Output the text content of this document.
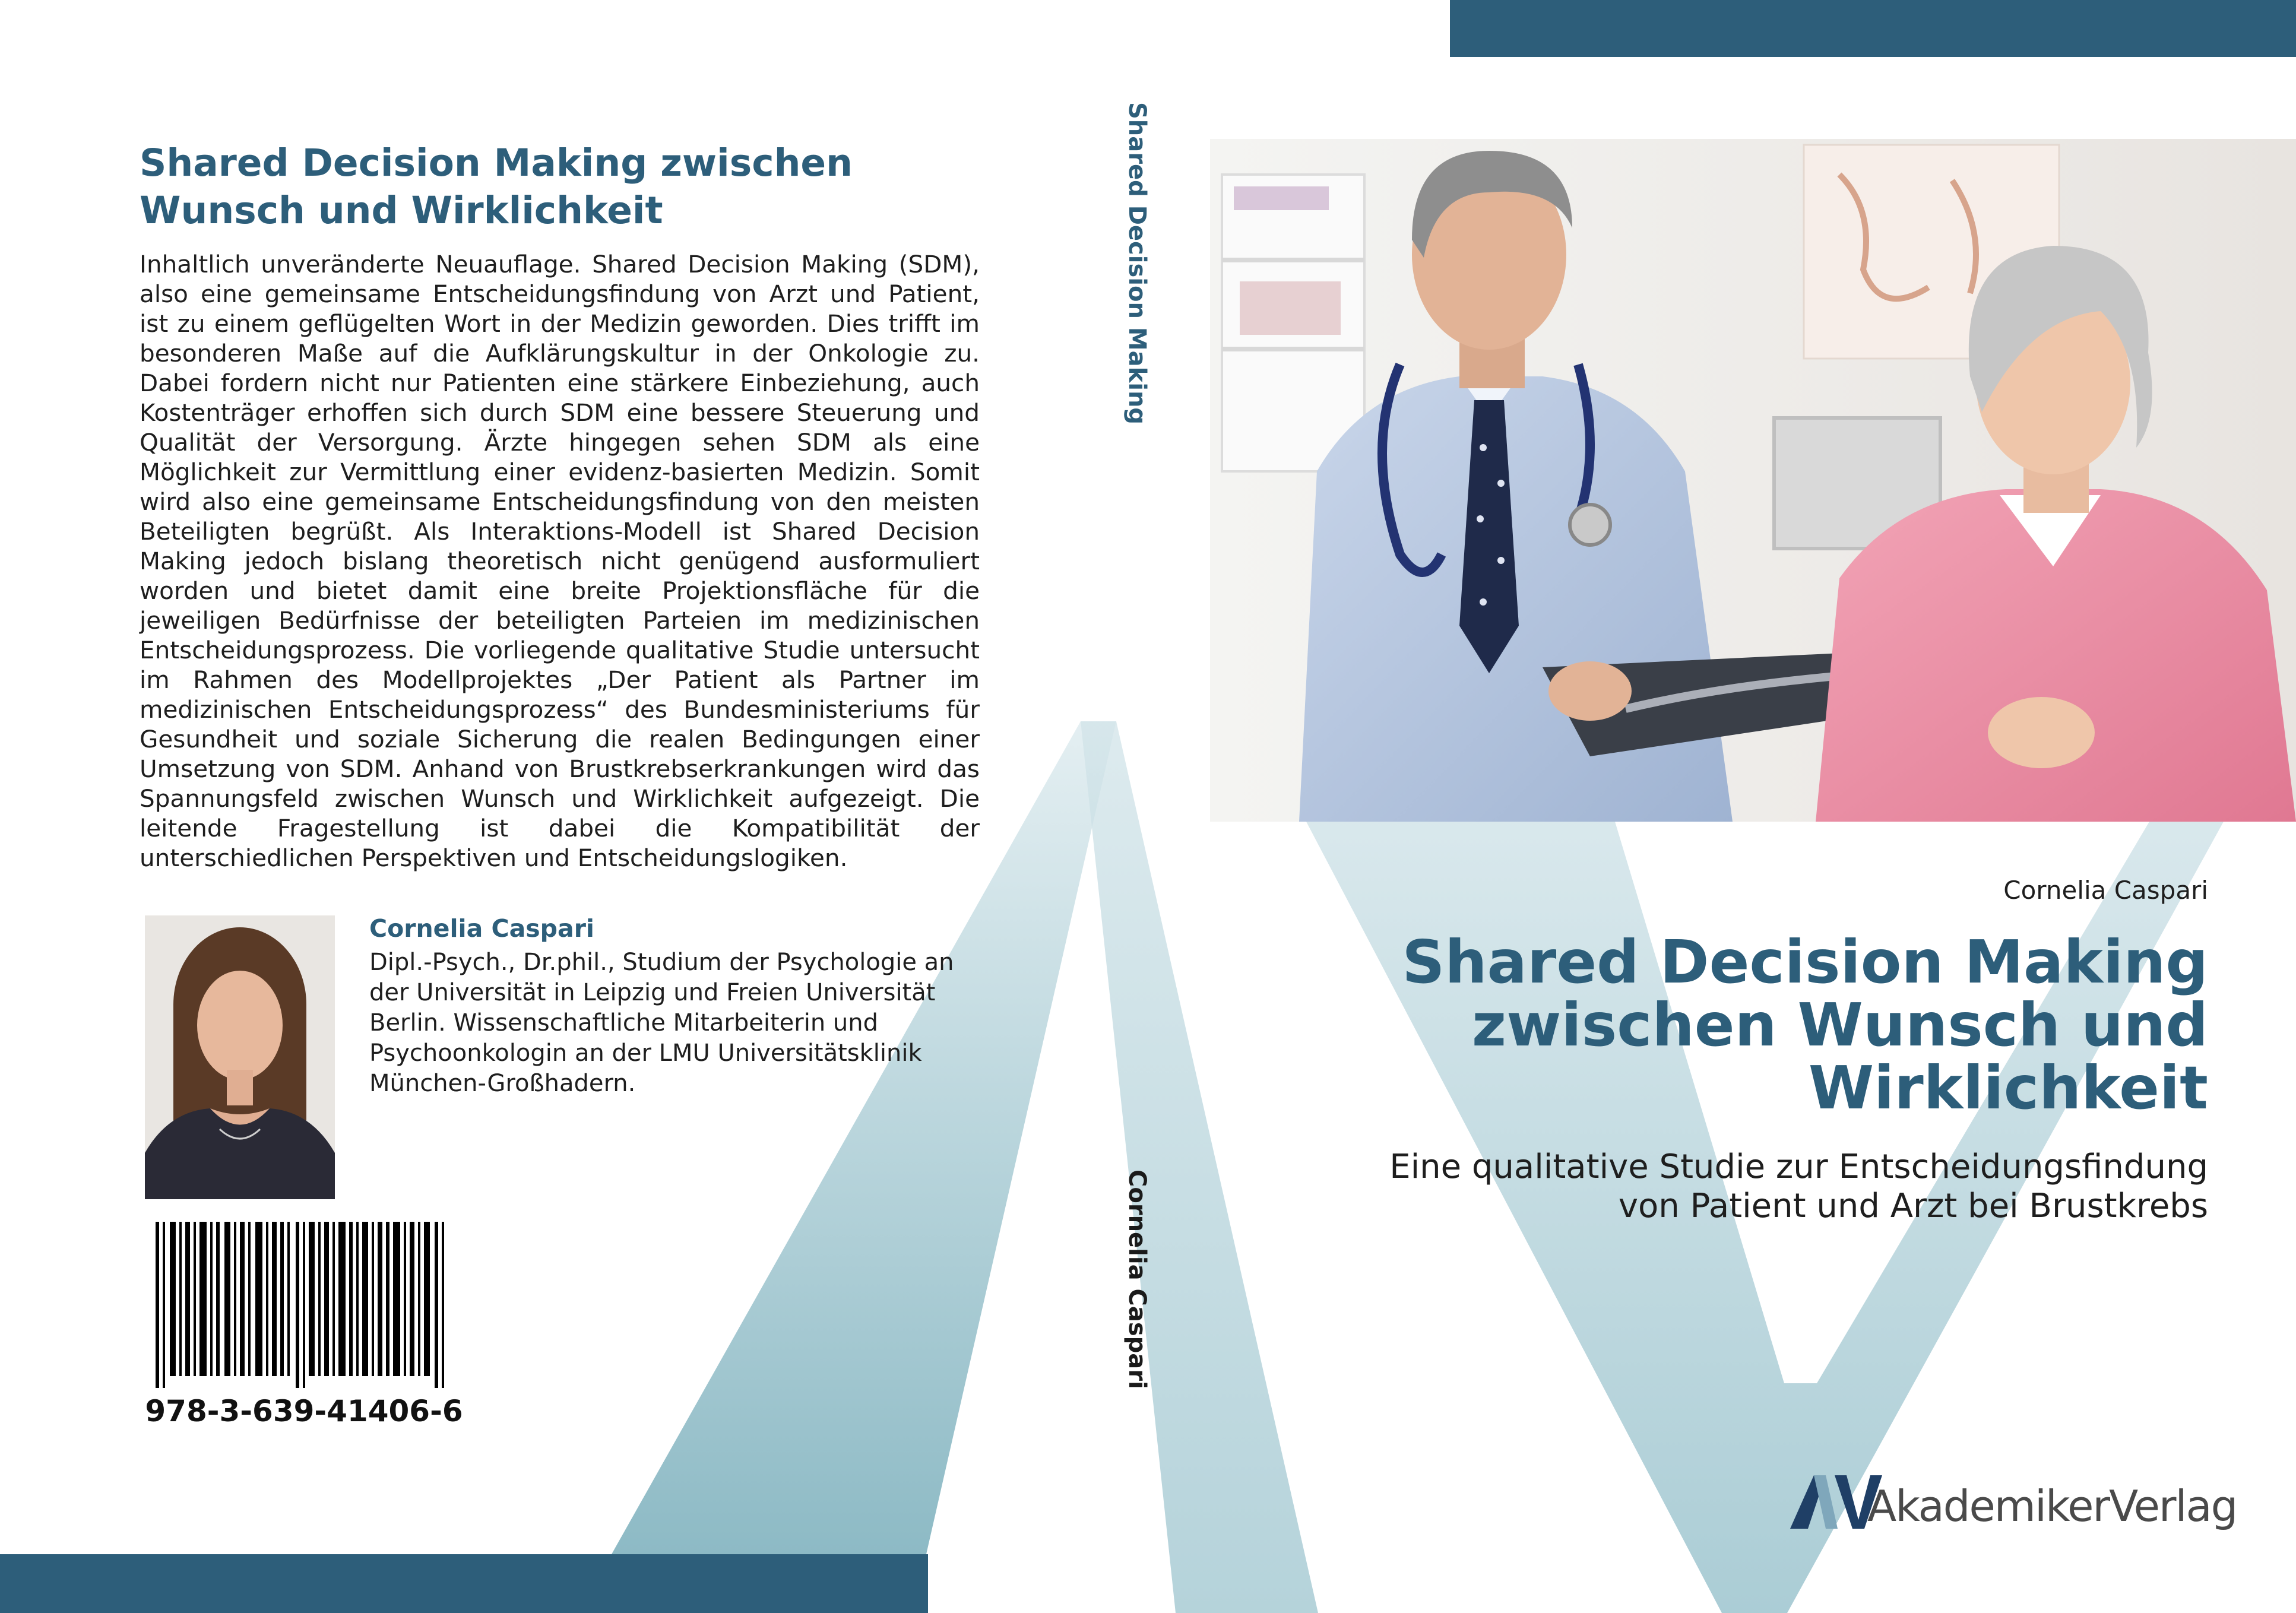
Shared Decision Making zwischen Wunsch und Wirklichkeit
Inhaltlich unveränderte Neuauflage. Shared Decision Making (SDM), also eine gemeinsame Entscheidungsfindung von Arzt und Patient, ist zu einem geflügelten Wort in der Medizin geworden. Dies trifft im besonderen Maße auf die Aufklärungskultur in der Onkologie zu. Dabei fordern nicht nur Patienten eine stärkere Einbeziehung, auch Kostenträger erhoffen sich durch SDM eine bessere Steuerung und Qualität der Versorgung. Ärzte hingegen sehen SDM als eine Möglichkeit zur Vermittlung einer evidenz-basierten Medizin. Somit wird also eine gemeinsame Entscheidungsfindung von den meisten Beteiligten begrüßt. Als Interaktions-Modell ist Shared Decision Making jedoch bislang theoretisch nicht genügend ausformuliert worden und bietet damit eine breite Projektionsfläche für die jeweiligen Bedürfnisse der beteiligten Parteien im medizinischen Entscheidungsprozess. Die vorliegende qualitative Studie untersucht im Rahmen des Modellprojektes „Der Patient als Partner im medizinischen Entscheidungsprozess“ des Bundesministeriums für Gesundheit und soziale Sicherung die realen Bedingungen einer Umsetzung von SDM. Anhand von Brustkrebserkrankungen wird das Spannungsfeld zwischen Wunsch und Wirklichkeit aufgezeigt. Die leitende Fragestellung ist dabei die Kompatibilität der unterschiedlichen Perspektiven und Entscheidungslogiken.
Cornelia Caspari
Dipl.-Psych., Dr.phil., Studium der Psychologie an der Universität in Leipzig und Freien Universität Berlin. Wissenschaftliche Mitarbeiterin und Psychoonkologin an der LMU Universitätsklinik München-Großhadern.
978-3-639-41406-6
Shared Decision Making
Cornelia Caspari
Cornelia Caspari
Shared Decision Making
zwischen Wunsch und
Wirklichkeit
Eine qualitative Studie zur Entscheidungsfindung
von Patient und Arzt bei Brustkrebs
AkademikerVerlag
